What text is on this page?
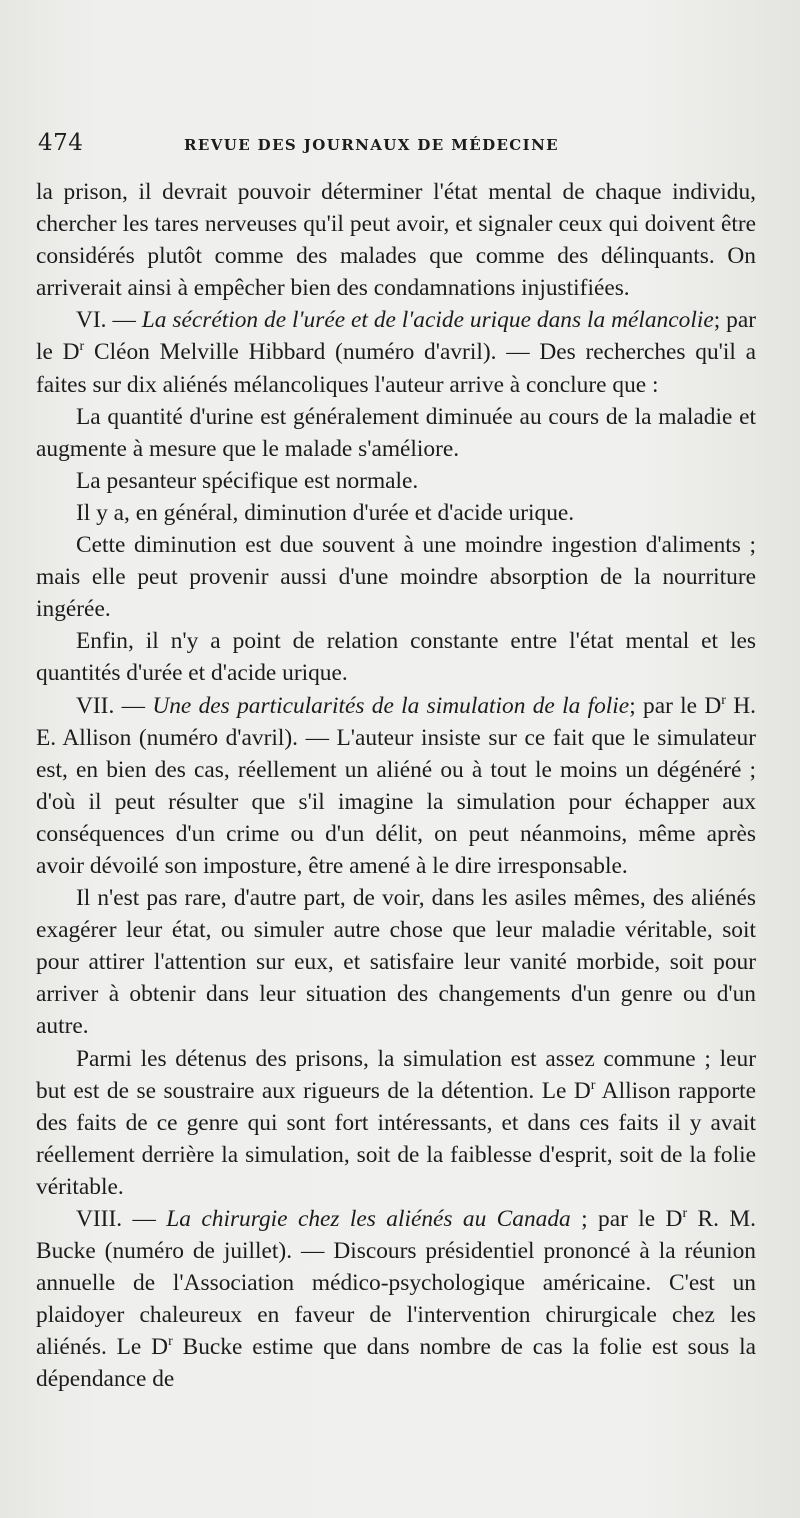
474	REVUE DES JOURNAUX DE MÉDECINE

la prison, il devrait pouvoir déterminer l'état mental de chaque individu, chercher les tares nerveuses qu'il peut avoir, et signaler ceux qui doivent être considérés plutôt comme des malades que comme des délinquants. On arriverait ainsi à empêcher bien des condamnations injustifiées.

VI. — La sécrétion de l'urée et de l'acide urique dans la mélancolie; par le $D^r$ Cléon Melville Hibbard (numéro d'avril). — Des recherches qu'il a faites sur dix aliénés mélancoliques l'auteur arrive à conclure que :

La quantité d'urine est généralement diminuée au cours de la maladie et augmente à mesure que le malade s'améliore.

La pesanteur spécifique est normale.

Il y a, en général, diminution d'urée et d'acide urique.

Cette diminution est due souvent à une moindre ingestion d'aliments ; mais elle peut provenir aussi d'une moindre absorption de la nourriture ingérée.

Enfin, il n'y a point de relation constante entre l'état mental et les quantités d'urée et d'acide urique.

VII. — Une des particularités de la simulation de la folie; par le $D^r$ H. E. Allison (numéro d'avril). — L'auteur insiste sur ce fait que le simulateur est, en bien des cas, réellement un aliéné ou à tout le moins un dégénéré ; d'où il peut résulter que s'il imagine la simulation pour échapper aux conséquences d'un crime ou d'un délit, on peut néanmoins, même après avoir dévoilé son imposture, être amené à le dire irresponsable.

Il n'est pas rare, d'autre part, de voir, dans les asiles mêmes, des aliénés exagérer leur état, ou simuler autre chose que leur maladie véritable, soit pour attirer l'attention sur eux, et satisfaire leur vanité morbide, soit pour arriver à obtenir dans leur situation des changements d'un genre ou d'un autre.

Parmi les détenus des prisons, la simulation est assez commune ; leur but est de se soustraire aux rigueurs de la détention. Le $D^r$ Allison rapporte des faits de ce genre qui sont fort intéressants, et dans ces faits il y avait réellement derrière la simulation, soit de la faiblesse d'esprit, soit de la folie véritable.

VIII. — La chirurgie chez les aliénés au Canada ; par le $D^r$ R. M. Bucke (numéro de juillet). — Discours présidentiel prononcé à la réunion annuelle de l'Association médico-psychologique américaine. C'est un plaidoyer chaleureux en faveur de l'intervention chirurgicale chez les aliénés. Le $D^r$ Bucke estime que dans nombre de cas la folie est sous la dépendance de
